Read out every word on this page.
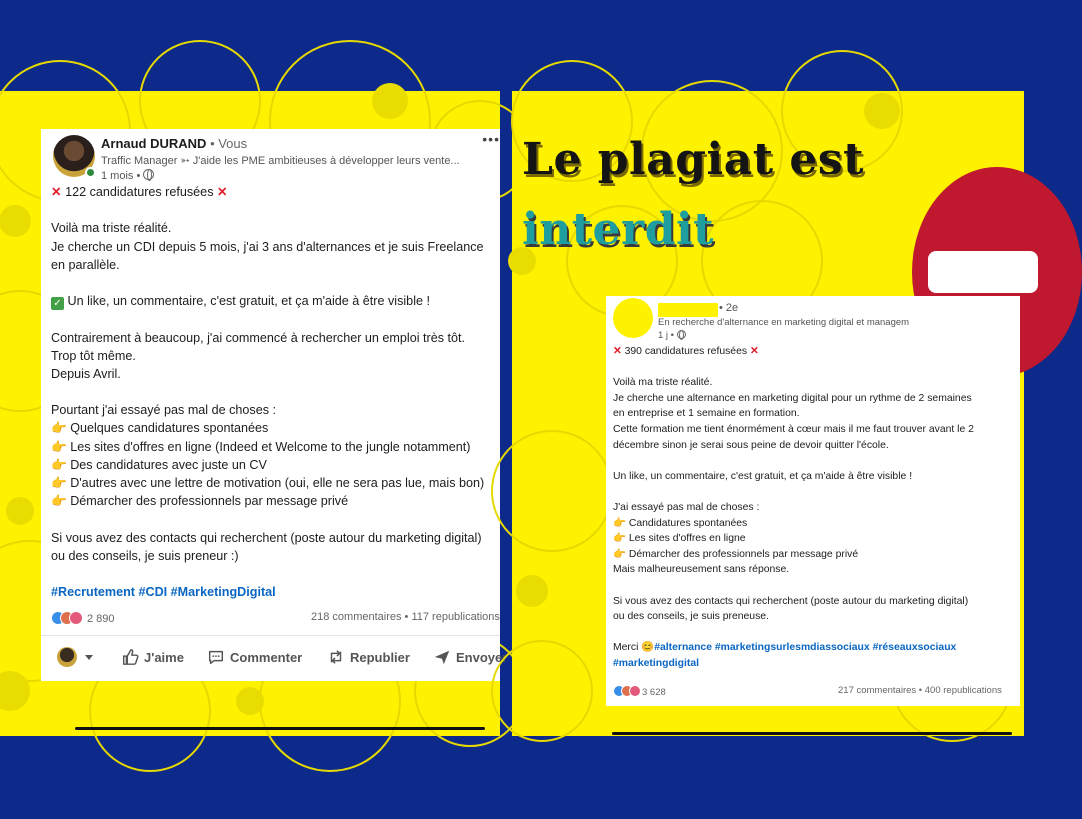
Arnaud DURAND • Vous
Traffic Manager ➳ J'aide les PME ambitieuses à développer leurs vente...
1 mois •
•••
✕ 122 candidatures refusées ✕
Voilà ma triste réalité.
Je cherche un CDI depuis 5 mois, j'ai 3 ans d'alternances et je suis Freelance
en parallèle.
✓ Un like, un commentaire, c'est gratuit, et ça m'aide à être visible !
Contrairement à beaucoup, j'ai commencé à rechercher un emploi très tôt.
Trop tôt même.
Depuis Avril.
Pourtant j'ai essayé pas mal de choses :
👉 Quelques candidatures spontanées
👉 Les sites d'offres en ligne (Indeed et Welcome to the jungle notamment)
👉 Des candidatures avec juste un CV
👉 D'autres avec une lettre de motivation (oui, elle ne sera pas lue, mais bon)
👉 Démarcher des professionnels par message privé
Si vous avez des contacts qui recherchent (poste autour du marketing digital)
ou des conseils, je suis preneur :)
#Recrutement #CDI #MarketingDigital
2 890	218 commentaires • 117 republications

J'aime	Commenter	Republier	Envoyer
Le plagiat est
interdit
• 2e
En recherche d'alternance en marketing digital et managem
1 j •
✕ 390 candidatures refusées ✕
Voilà ma triste réalité.
Je cherche une alternance en marketing digital pour un rythme de 2 semaines
en entreprise et 1 semaine en formation.
Cette formation me tient énormément à cœur mais il me faut trouver avant le 2
décembre sinon je serai sous peine de devoir quitter l'école.
Un like, un commentaire, c'est gratuit, et ça m'aide à être visible !
J'ai essayé pas mal de choses :
👉 Candidatures spontanées
👉 Les sites d'offres en ligne
👉 Démarcher des professionnels par message privé
Mais malheureusement sans réponse.
Si vous avez des contacts qui recherchent (poste autour du marketing digital)
ou des conseils, je suis preneuse.
Merci 😊#alternance #marketingsurlesmdiassociaux #réseauxsociaux
#marketingdigital
3 628	217 commentaires • 400 republications
